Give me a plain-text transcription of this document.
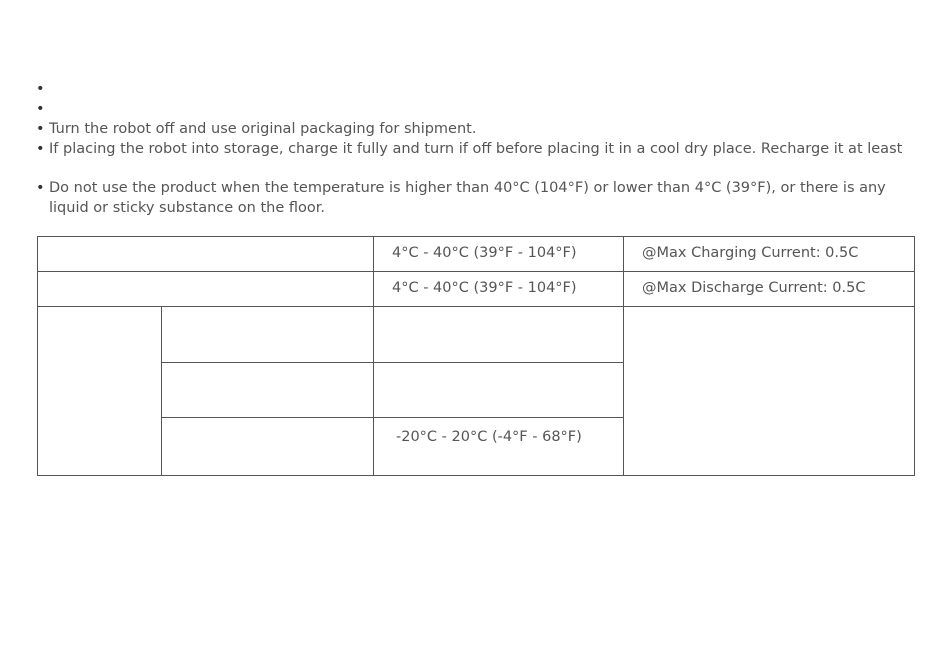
•
•
• Turn the robot off and use original packaging for shipment.
• If placing the robot into storage, charge it fully and turn if off before placing it in a cool dry place. Recharge it at least
• Do not use the product when the temperature is higher than 40°C (104°F) or lower than 4°C (39°F), or there is any liquid or sticky substance on the floor.
		4°C - 40°C (39°F - 104°F)	@Max Charging Current: 0.5C
		4°C - 40°C (39°F - 104°F)	@Max Discharge Current: 0.5C

		-20°C - 20°C (-4°F - 68°F)	
